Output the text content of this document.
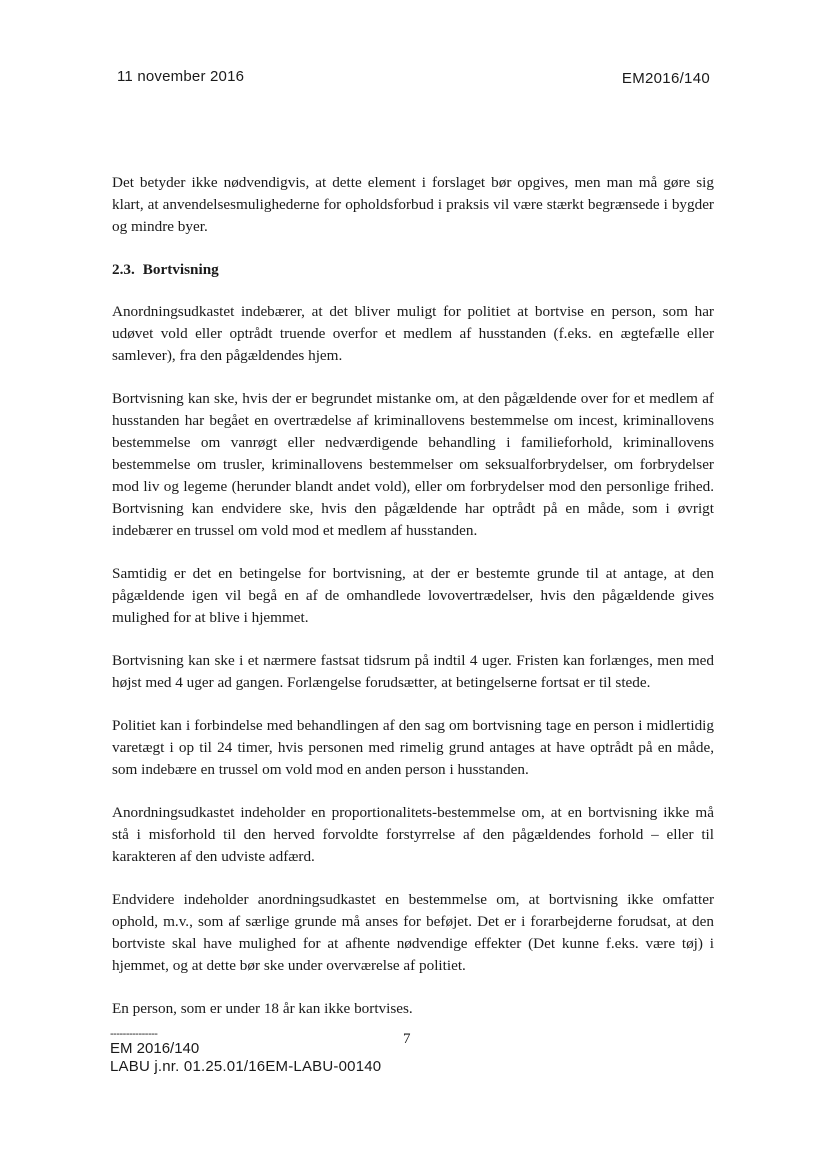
11 november 2016	EM2016/140

Det betyder ikke nødvendigvis, at dette element i forslaget bør opgives, men man må gøre sig klart, at anvendelsesmulighederne for opholdsforbud i praksis vil være stærkt begrænsede i bygder og mindre byer.

2.3. Bortvisning

Anordningsudkastet indebærer, at det bliver muligt for politiet at bortvise en person, som har udøvet vold eller optrådt truende overfor et medlem af husstanden (f.eks. en ægtefælle eller samlever), fra den pågældendes hjem.

Bortvisning kan ske, hvis der er begrundet mistanke om, at den pågældende over for et medlem af husstanden har begået en overtrædelse af kriminallovens bestemmelse om incest, kriminallovens bestemmelse om vanrøgt eller nedværdigende behandling i familieforhold, kriminallovens bestemmelse om trusler, kriminallovens bestemmelser om seksualforbrydelser, om forbrydelser mod liv og legeme (herunder blandt andet vold), eller om forbrydelser mod den personlige frihed. Bortvisning kan endvidere ske, hvis den pågældende har optrådt på en måde, som i øvrigt indebærer en trussel om vold mod et medlem af husstanden.

Samtidig er det en betingelse for bortvisning, at der er bestemte grunde til at antage, at den pågældende igen vil begå en af de omhandlede lovovertrædelser, hvis den pågældende gives mulighed for at blive i hjemmet.

Bortvisning kan ske i et nærmere fastsat tidsrum på indtil 4 uger. Fristen kan forlænges, men med højst med 4 uger ad gangen. Forlængelse forudsætter, at betingelserne fortsat er til stede.

Politiet kan i forbindelse med behandlingen af den sag om bortvisning tage en person i midlertidig varetægt i op til 24 timer, hvis personen med rimelig grund antages at have optrådt på en måde, som indebære en trussel om vold mod en anden person i husstanden.

Anordningsudkastet indeholder en proportionalitets-bestemmelse om, at en bortvisning ikke må stå i misforhold til den herved forvoldte forstyrrelse af den pågældendes forhold – eller til karakteren af den udviste adfærd.

Endvidere indeholder anordningsudkastet en bestemmelse om, at bortvisning ikke omfatter ophold, m.v., som af særlige grunde må anses for beføjet. Det er i forarbejderne forudsat, at den bortviste skal have mulighed for at afhente nødvendige effekter (Det kunne f.eks. være tøj) i hjemmet, og at dette bør ske under overværelse af politiet.

En person, som er under 18 år kan ikke bortvises.

---------------	7
EM 2016/140
LABU j.nr. 01.25.01/16EM-LABU-00140
